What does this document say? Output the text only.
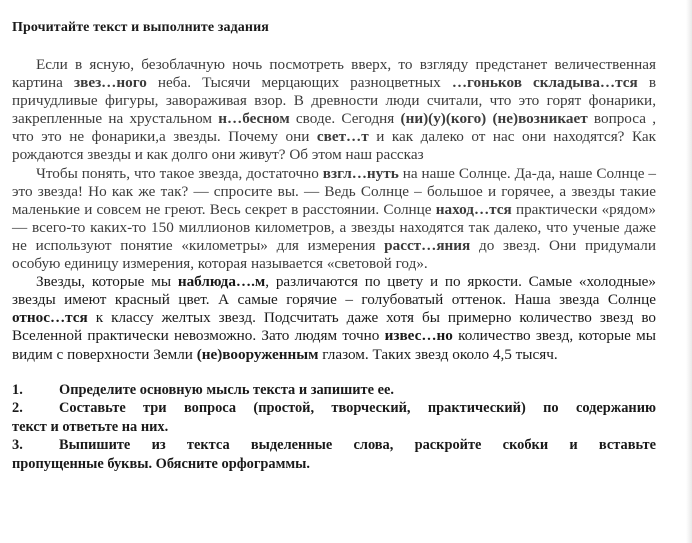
Прочитайте текст и выполните задания

Если в ясную, безоблачную ночь посмотреть вверх, то взгляду предстанет величественная картина звез…ного неба. Тысячи мерцающих разноцветных …гоньков складыва…тся в причудливые фигуры, завораживая взор. В древности люди считали, что это горят фонарики, закрепленные на хрустальном н…бесном своде. Сегодня (ни)(у)(кого) (не)возникает вопроса , что это не фонарики,а звезды. Почему они свет…т и как далеко от нас они находятся? Как рождаются звезды и как долго они живут? Об этом наш рассказ

Чтобы понять, что такое звезда, достаточно взгл…нуть на наше Солнце. Да-да, наше Солнце – это звезда! Но как же так? — спросите вы. — Ведь Солнце – большое и горячее, а звезды такие маленькие и совсем не греют. Весь секрет в расстоянии. Солнце наход…тся практически «рядом» — всего-то каких-то 150 миллионов километров, а звезды находятся так далеко, что ученые даже не используют понятие «километры» для измерения расст…яния до звезд. Они придумали особую единицу измерения, которая называется «световой год».

Звезды, которые мы наблюда….м, различаются по цвету и по яркости. Самые «холодные» звезды имеют красный цвет. А самые горячие – голубоватый оттенок. Наша звезда Солнце относ…тся к классу желтых звезд. Подсчитать даже хотя бы примерно количество звезд во Вселенной практически невозможно. Зато людям точно извес…но количество звезд, которые мы видим с поверхности Земли (не)вооруженным глазом. Таких звезд около 4,5 тысяч.

1.	Определите основную мысль текста и запишите ее.
2.	Составьте три вопроса (простой, творческий, практический) по содержанию
текст и ответьте на них.
3.	Выпишите из тектса выделенные слова, раскройте скобки и вставьте
пропущенные буквы. Обясните орфограммы.
